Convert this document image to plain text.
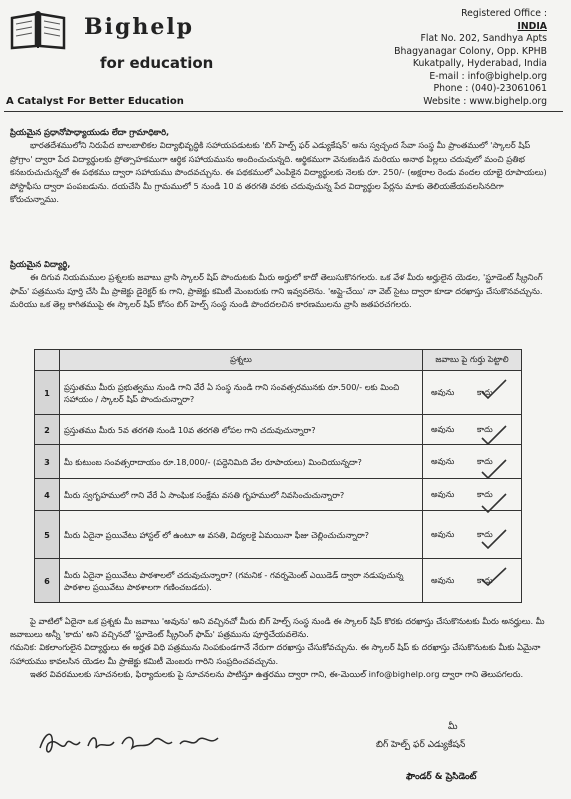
Bighelp
for education
A Catalyst For Better Education
Registered Office :
INDIA
Flat No. 202, Sandhya Apts
Bhagyanagar Colony, Opp. KPHB
Kukatpally, Hyderabad, India
E-mail : info@bighelp.org
Phone : (040)-23061061
Website : www.bighelp.org

ప్రియమైన ప్రధానోపాధ్యాయుడు లేదా గ్రామాధికారి,

భారతదేశములోని నిరుపేద బాలబాలికల విద్యాభివృద్ధికి సహాయపడుటకు 'బిగ్ హెల్ప్ ఫర్ ఎడ్యుకేషన్' అను స్వచ్ఛంద సేవా సంస్థ మీ ప్రాంతములో 'స్కాలర్ షిప్ ప్రోగ్రాం' ద్వారా పేద విద్యార్థులకు ప్రోత్సాహకముగా ఆర్థిక సహాయమును అందించుచున్నది. ఆర్థికముగా వెనుకబడిన మరియు అనాథ పిల్లలు చదువులో మంచి ప్రతిభ కనబరుచుచున్నచో ఈ పథకము ద్వారా సహాయము పొందవచ్చును. ఈ పథకములో ఎంపికైన విద్యార్థులకు నెలకు రూ. 250/- (అక్షరాల రెండు వందల యాభై రూపాయలు) పోస్టాఫీసు ద్వారా పంపబడును. దయచేసి మీ గ్రామములో 5 నుండి 10 వ తరగతి వరకు చదువుచున్న పేద విద్యార్థుల పేర్లను మాకు తెలియజేయవలసినదిగా కోరుచున్నాము.

ప్రియమైన విద్యార్థి,

ఈ దిగువ నియమముల ప్రశ్నలకు జవాబు వ్రాసి స్కాలర్ షిప్ పొందుటకు మీరు అర్హులో కాదో తెలుసుకొనగలరు. ఒక వేళ మీరు అర్హులైన యెడల, 'స్టూడెంట్ స్క్రీనింగ్ ఫామ్' పత్రమును పూర్తి చేసి మీ ప్రాజెక్టు డైరెక్టర్ కు గాని, ప్రాజెక్టు కమిటీ మెంబరుకు గాని ఇవ్వవలెను. 'అప్లై-చేయి' నా వెబ్ సైటు ద్వారా కూడా దరఖాస్తు చేసుకొనవచ్చును. మరియు ఒక తెల్ల కాగితముపై ఈ స్కాలర్ షిప్ కోసం బిగ్ హెల్ప్ సంస్థ నుండి పొందదలచిన కారణములను వ్రాసి జతపరచగలరు.

	ప్రశ్నలు	జవాబు పై గుర్తు పెట్టాలి
1	ప్రస్తుతము మీరు ప్రభుత్వము నుండి గాని వేరే ఏ సంస్థ నుండి గాని సంవత్సరమునకు రూ.500/- లకు మించి సహాయం / స్కాలర్ షిప్ పొందుచున్నారా?	అవును కాదు

2	ప్రస్తుతము మీరు 5వ తరగతి నుండి 10వ తరగతి లోపల గాని చదువుచున్నారా?	అవును కాదు

3	మీ కుటుంబ సంవత్సరాదాయం రూ.18,000/- (పద్దెనిమిది వేల రూపాయలు) మించియున్నదా?	అవును కాదు

4	మీరు స్వగృహములో గాని వేరే ఏ సాంఘిక సంక్షేమ వసతి గృహములో నివసించుచున్నారా?	అవును కాదు

5	మీరు ఏదైనా ప్రయివేటు హాస్టల్ లో ఉంటూ ఆ వసతి, విద్యలకై ఏమయినా ఫీజు చెల్లించుచున్నారా?	అవును కాదు

6	మీరు ఏదైనా ప్రయివేటు పాఠశాలలో చదువుచున్నారా? (గమనిక - గవర్నమెంట్ ఎయిడెడ్ ద్వారా నడుపుచున్న పాఠశాల ప్రయివేటు పాఠశాలగా గణించబడదు).	అవును కాదు

పై వాటిలో ఏదైనా ఒక ప్రశ్నకు మీ జవాబు 'అవును' అని వచ్చినచో మీరు బిగ్ హెల్ప్ సంస్థ నుండి ఈ స్కాలర్ షిప్ కొరకు దరఖాస్తు చేసుకొనుటకు మీరు అనర్హులు. మీ జవాబులు అన్నీ 'కాదు' అని వచ్చినచో 'స్టూడెంట్ స్క్రీనింగ్ ఫామ్' పత్రమును పూర్తిచేయవలెను.

గమనిక: వికలాంగులైన విద్యార్థులు ఈ అర్హత విధి పత్రమును నింపకుండగానే నేరుగా దరఖాస్తు చేసుకోవచ్చును. ఈ స్కాలర్ షిప్ కు దరఖాస్తు చేసుకొనుటకు మీకు ఏమైనా సహాయము కావలసిన యెడల మీ ప్రాజెక్టు కమిటీ మెంబరు గారిని సంప్రదించవచ్చును.

ఇతర వివరములకు సూచనలకు, ఫిర్యాదులకు పై సూచనలను పాటిస్తూ ఉత్తరము ద్వారా గాని, ఈ-మెయిల్ info@bighelp.org ద్వారా గాని తెలుపగలరు.

మీ
బిగ్ హెల్ప్ ఫర్ ఎడ్యుకేషన్
ఫౌండర్ & ప్రెసిడెంట్
